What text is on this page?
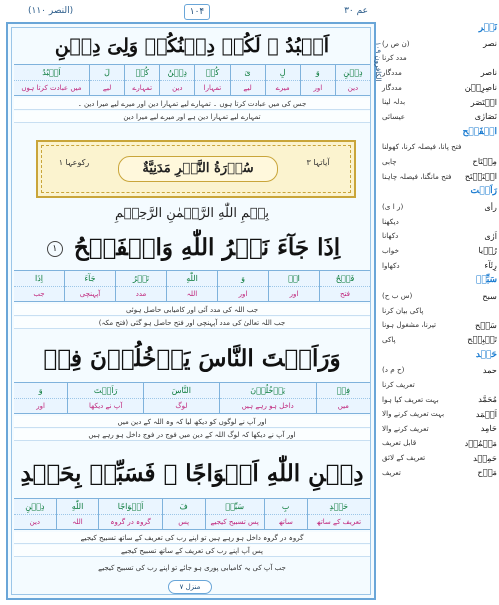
عم ۳۰
(النصر ۱۱۰)	۱۰۴
اَعۡبُدُ ۙ لَكُمۡ دِيۡنُكُمۡ وَلِىَ دِيۡنِ
دِيۡنِ
دین
وَ
اور
لِ
میرے
ىَ
لیے
كُمۡ
تمہارا
دِيۡنُ
دین
كُمۡ
تمہارے
لَ
لیے
اَعۡبُدُ
میں عبادت کرتا ہوں
جس کی میں عبادت کرتا ہوں ۔ تمہارے لیے تمہارا دین اور میرے لیے میرا دین ۔
تمہارے لیے تمہارا دین ہے اور میرے لیے میرا دین
آیاتہا ۳
سُوۡرَةُ النَّصۡرِ مَدَنِيَّةٌ
رکوعہا ۱
بِسۡمِ اللّٰهِ الرَّحۡمٰنِ الرَّحِيۡمِ
اِذَا جَآءَ نَصۡرُ اللّٰهِ وَالۡفَتۡحُ ۱
فَتۡحُ
فتح
الۡ
اور
وَ
اور
اللّٰهِ
اللہ
نَصۡرُ
مدد
جَآءَ
آپہنچی
اِذَا
جب
جب اللہ کی مدد آئی اور کامیابی حاصل ہوئی
جب اللہ تعالیٰ کی مدد آپہنچی اور فتح حاصل ہو گئی (فتح مکہ)
وَرَاَيۡتَ النَّاسَ يَدۡخُلُوۡنَ فِىۡ
فِىۡ
میں
يَدۡخُلُوۡنَ
داخل ہو رہے ہیں
النَّاسَ
لوگ
رَاَيۡتَ
آپ نے دیکھا
وَ
اور
اور آپ نے لوگوں کو دیکھ لیا کہ وہ اللہ کے دین میں
اور آپ نے دیکھا کہ لوگ اللہ کے دین میں فوج در فوج داخل ہو رہے ہیں
دِيۡنِ اللّٰهِ اَفۡوَاجًا ۙ فَسَبِّحۡ بِحَمۡدِ
حَمۡدِ
تعریف کے ساتھ
بِ
ساتھ
سَبِّحۡ
پس تسبیح کیجیے
فَ
پس
اَفۡوَاجًا
گروہ در گروہ
اللّٰهِ
اللہ
دِيۡنِ
دین
گروہ در گروہ داخل ہو رہے ہیں تو اپنے رب کی تعریف کے ساتھ تسبیح کیجیے
پس آپ اپنے رب کی تعریف کے ساتھ تسبیح کیجیے
جب آپ کی یہ کامیابی پوری ہو جائے تو اپنے رب کی تسبیح کیجیے
منزل ۷
الکافرون ۱۰۹
نَصۡر
نصر
(ن ص ر)
مدد کرنا
ناصر
مددگار
ناصِرِیۡن
مددگار
انۡتَصَر
بدلہ لینا
نَصَارٰی
عیسائی
الۡفَتۡح
فتح پانا، فیصلہ کرنا، کھولنا
مِفۡتَاح
چابی
اسۡتَفۡتَح
فتح مانگنا، فیصلہ چاہنا
رَاَيۡت
رأی
(ر ا ی)
دیکھنا
اَرٰی
دکھانا
رُؤۡیا
خواب
رِئَآء
دکھاوا
سَبِّحۡ
سبح
(س ب ح)
پاکی بیان کرنا
سَبۡح
تیرنا، مشغول ہونا
تَسۡبِيۡح
پاکی
حَمۡد
حمد
(ح م د)
تعریف کرنا
مُحَمَّد
بہت تعریف کیا ہوا
اَحۡمَد
بہت تعریف کرنے والا
حَامِد
تعریف کرنے والا
مَحۡمُوۡد
قابل تعریف
حَمِيۡد
تعریف کے لائق
مَدۡح
تعریف
